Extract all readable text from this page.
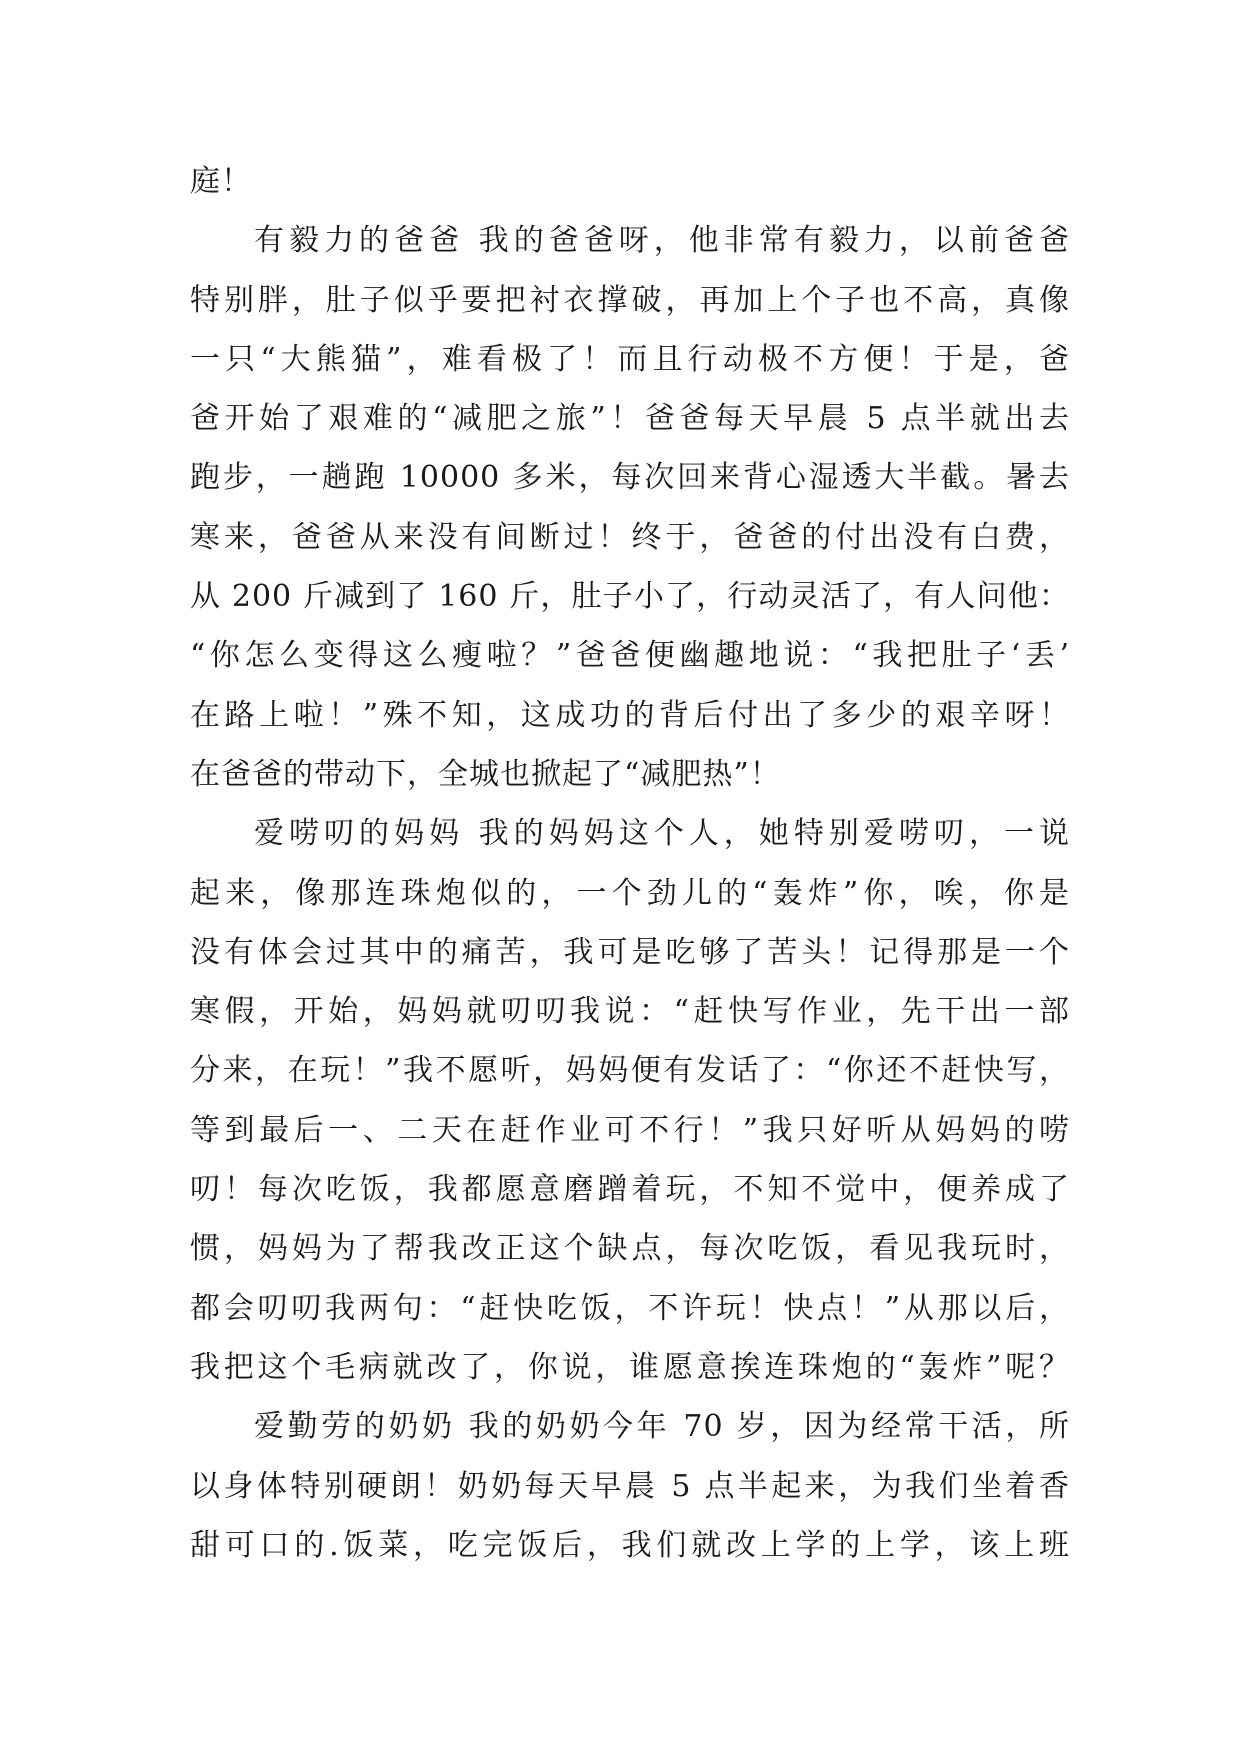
庭！
有毅力的爸爸 我的爸爸呀，他非常有毅力，以前爸爸
特别胖，肚子似乎要把衬衣撑破，再加上个子也不高，真像
一只“大熊猫”，难看极了！而且行动极不方便！于是，爸
爸开始了艰难的“减肥之旅”！爸爸每天早晨 5 点半就出去
跑步，一趟跑 10000 多米，每次回来背心湿透大半截。暑去
寒来，爸爸从来没有间断过！终于，爸爸的付出没有白费，
从 200 斤减到了 160 斤，肚子小了，行动灵活了，有人问他：
“你怎么变得这么瘦啦？”爸爸便幽趣地说：“我把肚子‘丢’
在路上啦！”殊不知，这成功的背后付出了多少的艰辛呀！
在爸爸的带动下，全城也掀起了“减肥热”！
爱唠叨的妈妈 我的妈妈这个人，她特别爱唠叨，一说
起来，像那连珠炮似的，一个劲儿的“轰炸”你，唉，你是
没有体会过其中的痛苦，我可是吃够了苦头！记得那是一个
寒假，开始，妈妈就叨叨我说：“赶快写作业，先干出一部
分来，在玩！”我不愿听，妈妈便有发话了：“你还不赶快写，
等到最后一、二天在赶作业可不行！”我只好听从妈妈的唠
叨！每次吃饭，我都愿意磨蹭着玩，不知不觉中，便养成了
惯，妈妈为了帮我改正这个缺点，每次吃饭，看见我玩时，
都会叨叨我两句：“赶快吃饭，不许玩！快点！”从那以后，
我把这个毛病就改了，你说，谁愿意挨连珠炮的“轰炸”呢？
爱勤劳的奶奶 我的奶奶今年 70 岁，因为经常干活，所
以身体特别硬朗！奶奶每天早晨 5 点半起来，为我们坐着香
甜可口的.饭菜，吃完饭后，我们就改上学的上学，该上班
